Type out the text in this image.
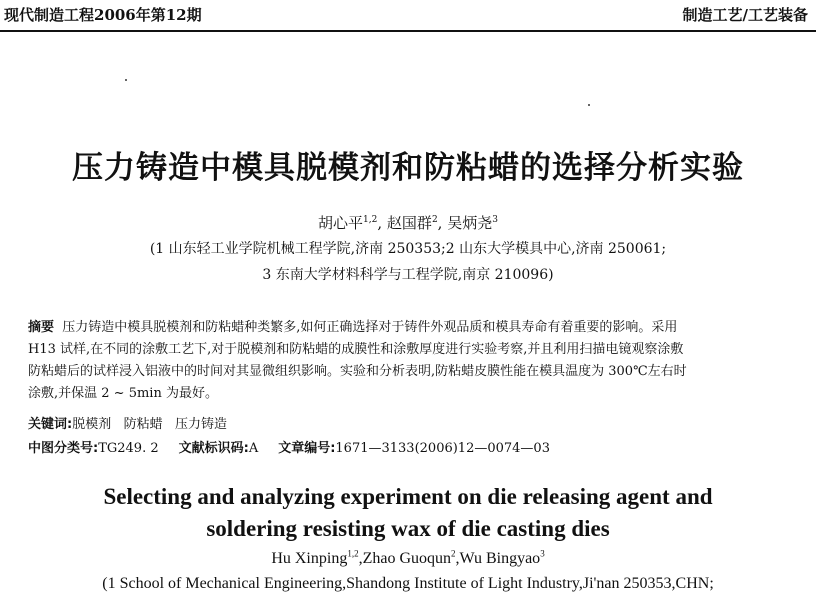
现代制造工程2006年第12期	制造工艺/工艺装备
压力铸造中模具脱模剂和防粘蜡的选择分析实验
胡心平$^{1,2}$, 赵国群$^2$, 吴炳尧$^3$
(1 山东轻工业学院机械工程学院,济南 250353;2 山东大学模具中心,济南 250061;
3 东南大学材料科学与工程学院,南京 210096)
摘要 压力铸造中模具脱模剂和防粘蜡种类繁多,如何正确选择对于铸件外观品质和模具寿命有着重要的影响。采用
H13 试样,在不同的涂敷工艺下,对于脱模剂和防粘蜡的成膜性和涂敷厚度进行实验考察,并且利用扫描电镜观察涂敷
防粘蜡后的试样浸入铝液中的时间对其显微组织影响。实验和分析表明,防粘蜡皮膜性能在模具温度为 300℃左右时
涂敷,并保温 2 ~ 5min 为最好。
关键词:脱模剂 防粘蜡 压力铸造
中图分类号:TG249. 2 文献标识码:A 文章编号:1671—3133(2006)12—0074—03
Selecting and analyzing experiment on die releasing agent and
soldering resisting wax of die casting dies
Hu Xinping$^{1,2}$,Zhao Guoqun$^2$,Wu Bingyao$^3$
(1 School of Mechanical Engineering,Shandong Institute of Light Industry,Ji'nan 250353,CHN;
